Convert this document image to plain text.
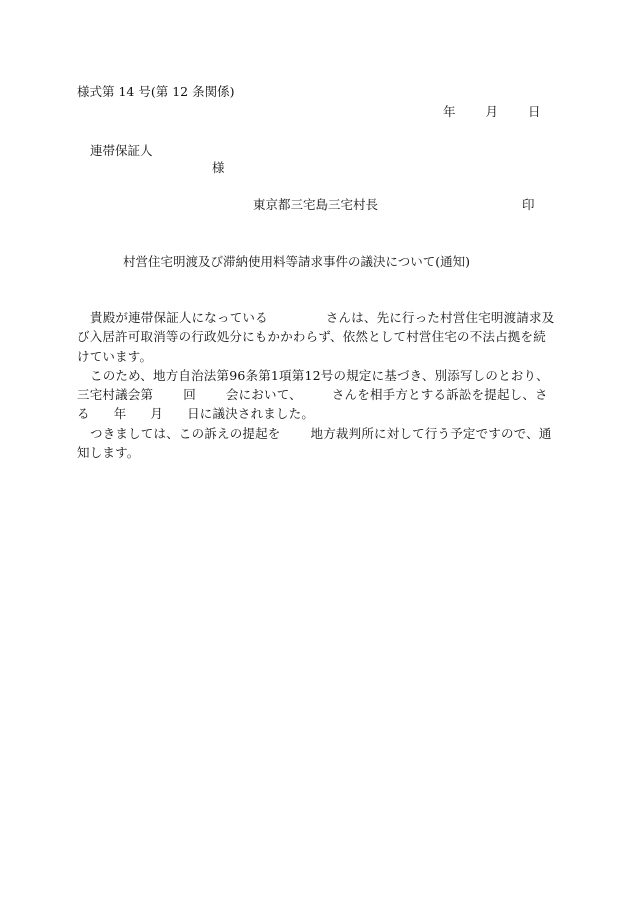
様式第 14 号(第 12 条関係)
年 月 日
連帯保証人
様
東京都三宅島三宅村長	印
村営住宅明渡及び滞納使用料等請求事件の議決について(通知)
貴殿が連帯保証人になっている	さんは、先に行った村営住宅明渡請求及び入居許可取消等の行政処分にもかかわらず、依然として村営住宅の不法占拠を続けています。
このため、地方自治法第96条第1項第12号の規定に基づき、別添写しのとおり、三宅村議会第 回 会において、 さんを相手方とする訴訟を提起し、さる 年 月 日に議決されました。
つきましては、この訴えの提起を 地方裁判所に対して行う予定ですので、通知します。
